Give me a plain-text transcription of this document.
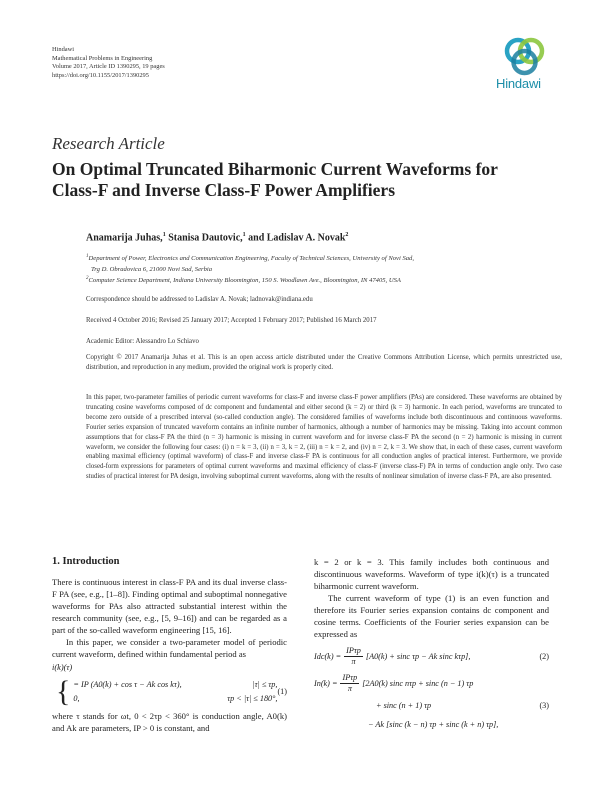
Hindawi
Mathematical Problems in Engineering
Volume 2017, Article ID 1390295, 19 pages
https://doi.org/10.1155/2017/1390295
Hindawi
Research Article
On Optimal Truncated Biharmonic Current Waveforms for
Class-F and Inverse Class-F Power Amplifiers
Anamarija Juhas,$^1$ Stanisa Dautovic,$^1$ and Ladislav A. Novak$^2$
$^1$Department of Power, Electronics and Communication Engineering, Faculty of Technical Sciences, University of Novi Sad,
Trg D. Obradovica 6, 21000 Novi Sad, Serbia
$^2$Computer Science Department, Indiana University Bloomington, 150 S. Woodlawn Ave., Bloomington, IN 47405, USA
Correspondence should be addressed to Ladislav A. Novak; ladnovak@indiana.edu
Received 4 October 2016; Revised 25 January 2017; Accepted 1 February 2017; Published 16 March 2017
Academic Editor: Alessandro Lo Schiavo
Copyright © 2017 Anamarija Juhas et al. This is an open access article distributed under the Creative Commons Attribution License, which permits unrestricted use, distribution, and reproduction in any medium, provided the original work is properly cited.
In this paper, two-parameter families of periodic current waveforms for class-F and inverse class-F power amplifiers (PAs) are considered. These waveforms are obtained by truncating cosine waveforms composed of dc component and fundamental and either second (k = 2) or third (k = 3) harmonic. In each period, waveforms are truncated to become zero outside of a prescribed interval (so-called conduction angle). The considered families of waveforms include both discontinuous and continuous waveforms. Fourier series expansion of truncated waveform contains an infinite number of harmonics, although a number of harmonics may be missing. Taking into account common assumptions that for class-F PA the third (n = 3) harmonic is missing in current waveform and for inverse class-F PA the second (n = 2) harmonic is missing in current waveform, we consider the following four cases: (i) n = k = 3, (ii) n = 3, k = 2, (iii) n = k = 2, and (iv) n = 2, k = 3. We show that, in each of these cases, current waveform enabling maximal efficiency (optimal waveform) of class-F and inverse class-F PA is continuous for all conduction angles of practical interest. Furthermore, we provide closed-form expressions for parameters of optimal current waveforms and maximal efficiency of class-F (inverse class-F) PA in terms of conduction angle only. Two case studies of practical interest for PA design, involving suboptimal current waveforms, along with the results of nonlinear simulation of inverse class-F PA, are also presented.
1. Introduction

There is continuous interest in class-F PA and its dual inverse class-F PA (see, e.g., [1–8]). Finding optimal and suboptimal nonnegative waveforms for PAs also attracted substantial interest within the research community (see, e.g., [5, 9–16]) and can be regarded as a part of the so-called waveform engineering [15, 16].

In this paper, we consider a two-parameter model of periodic current waveform, defined within fundamental period as

i(k)(τ)
{ = IP (A0(k) + cos τ − Ak cos kτ),	|τ| ≤ τp,
0,	τp < |τ| ≤ 180°,
(1)

where τ stands for ωt, 0 < 2τp < 360° is conduction angle, A0(k) and Ak are parameters, IP > 0 is constant, and

k = 2 or k = 3. This family includes both continuous and discontinuous waveforms. Waveform of type i(k)(τ) is a truncated biharmonic current waveform.

The current waveform of type (1) is an even function and therefore its Fourier series expansion contains dc component and cosine terms. Coefficients of the Fourier series expansion can be expressed as

$Idc(k) = \frac{\text{IPτp}}{\pi} [A0(k) + \sin c$ τp − Ak sinc kτp],	(2)
$In(k) = \frac{\text{IPτp}}{\pi} [2A0(k)$ sinc nτp + sinc (n − 1) τp
+ sinc (n + 1) τp	(3)
− Ak [sinc (k − n) τp + sinc (k + n) τp],
